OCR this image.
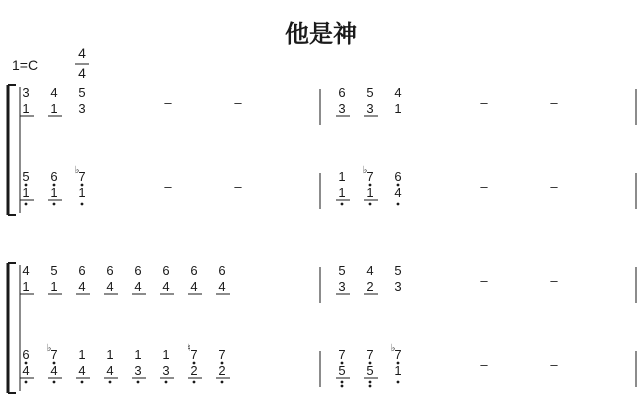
他是神
1=C
4
4
3
1
4
1
5
3
6
3
5
3
4
1
–	–	–	–
5
1
6
1
♭ 7
1
1
1
♭ 7
1
6
4
–	–	–	–
4
1
5
1
6
4
6
4
6
4
6
4
6
4
6
4
5
3
4
2
5
3	–	–
6
4
♭ 7
4
1
4
1
4
1
3
1
3
♮ 7
2
7
2
7
5
7
5
♭ 7
1	–	–
